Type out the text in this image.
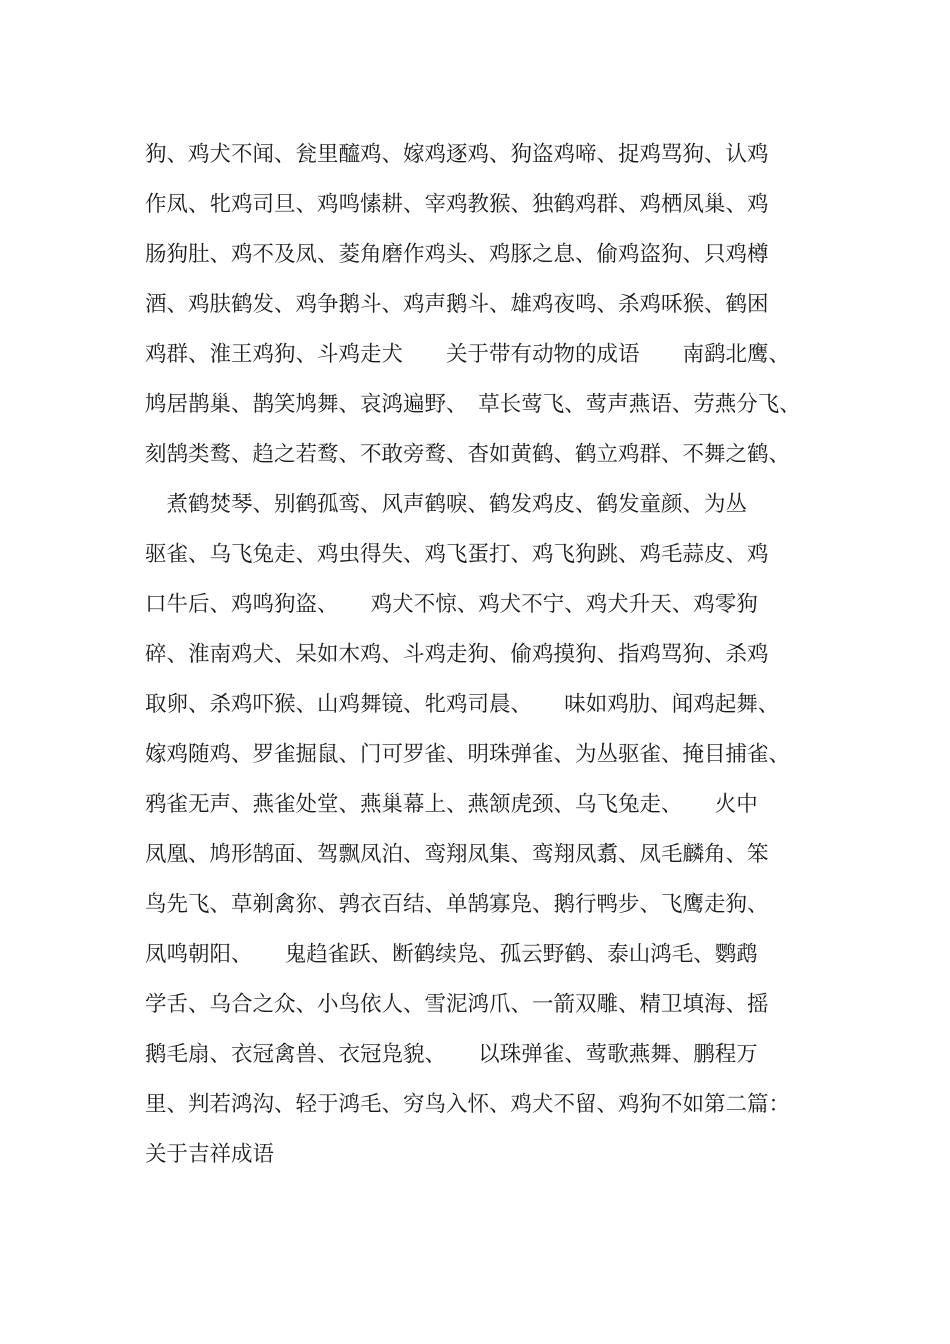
狗、鸡犬不闻、瓮里醯鸡、嫁鸡逐鸡、狗盗鸡啼、捉鸡骂狗、认鸡
作凤、牝鸡司旦、鸡鸣愫耕、宰鸡教猴、独鹤鸡群、鸡栖凤巢、鸡
肠狗肚、鸡不及凤、菱角磨作鸡头、鸡豚之息、偷鸡盗狗、只鸡樽
酒、鸡肤鹤发、鸡争鹅斗、鸡声鹅斗、雄鸡夜鸣、杀鸡咊猴、鹤困
鸡群、淮王鸡狗、斗鸡走犬　　关于带有动物的成语　　南鹞北鹰、
鸠居鹊巢、鹊笑鸠舞、哀鸿遍野、　草长莺飞、莺声燕语、劳燕分飞、
刻鹄类鹜、趋之若鹜、不敢旁鹜、杳如黄鹤、鹤立鸡群、不舞之鹤、
　煮鹤焚琴、别鹤孤鸾、风声鹤唳、鹤发鸡皮、鹤发童颜、为丛
驱雀、乌飞兔走、鸡虫得失、鸡飞蛋打、鸡飞狗跳、鸡毛蒜皮、鸡
口牛后、鸡鸣狗盗、　　鸡犬不惊、鸡犬不宁、鸡犬升天、鸡零狗
碎、淮南鸡犬、呆如木鸡、斗鸡走狗、偷鸡摸狗、指鸡骂狗、杀鸡
取卵、杀鸡吓猴、山鸡舞镜、牝鸡司晨、　　味如鸡肋、闻鸡起舞、
嫁鸡随鸡、罗雀掘鼠、门可罗雀、明珠弹雀、为丛驱雀、掩目捕雀、
鸦雀无声、燕雀处堂、燕巢幕上、燕颔虎颈、乌飞兔走、　　火中
凤凰、鸠形鹄面、驾飘凤泊、鸾翔凤集、鸾翔凤翥、凤毛麟角、笨
鸟先飞、草剃禽狝、鹑衣百结、单鹄寡凫、鹅行鸭步、飞鹰走狗、
凤鸣朝阳、　　鬼趋雀跃、断鹤续凫、孤云野鹤、泰山鸿毛、鹦鹉
学舌、乌合之众、小鸟依人、雪泥鸿爪、一箭双雕、精卫填海、摇
鹅毛扇、衣冠禽兽、衣冠凫貌、　　以珠弹雀、莺歌燕舞、鹏程万
里、判若鸿沟、轻于鸿毛、穷鸟入怀、鸡犬不留、鸡狗不如第二篇：
关于吉祥成语
